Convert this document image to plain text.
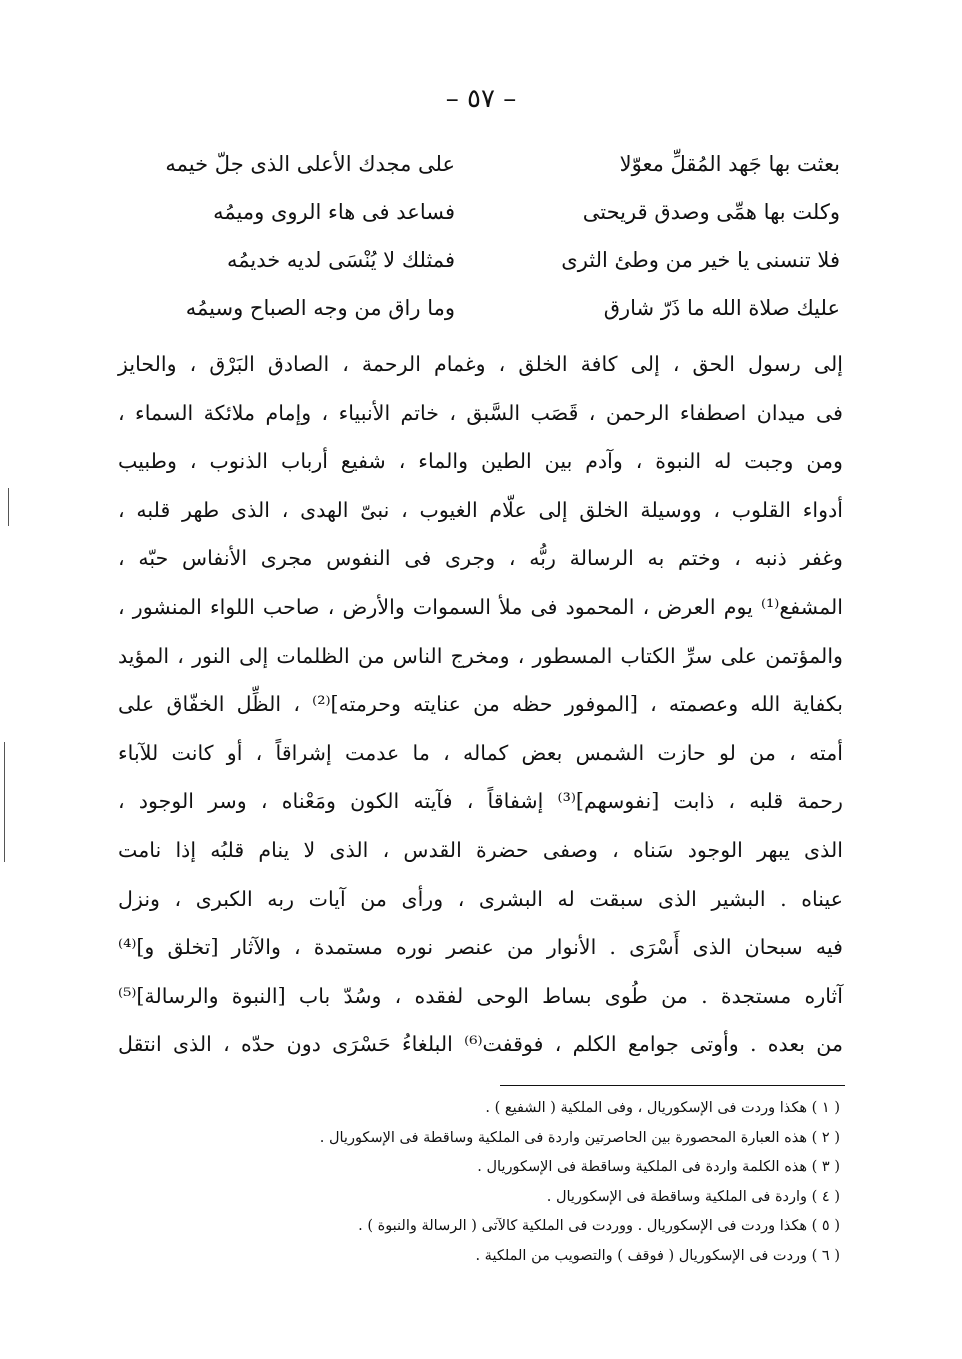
– ٥٧ –
بعثت بها جَهد المُقلِّ معوّلا
على مجدك الأعلى الذى جلّ خيمه
وكلت بها همِّى وصدق قريحتى
فساعد فى هاء الروى وميمُه
فلا تنسنى يا خير من وطئ الثرى
فمثلك لا يُنْسَى لديه خديمُه
عليك صلاة الله ما ذَرّ شارق
وما راق من وجه الصباح وسيمُه
إلى رسول الحق ، إلى كافة الخلق ، وغمام الرحمة ، الصادق البَرْق ، والحايز
فى ميدان اصطفاء الرحمن ، قَصَب السَّبق ، خاتم الأنبياء ، وإمام ملائكة السماء ،
ومن وجبت له النبوة ، وآدم بين الطين والماء ، شفيع أرباب الذنوب ، وطبيب
أدواء القلوب ، ووسيلة الخلق إلى علّام الغيوب ، نبىّ الهدى ، الذى طهر قلبه ،
وغفر ذنبه ، وختم به الرسالة ربُّه ، وجرى فى النفوس مجرى الأنفاس حبّه ،
المشفع⁽¹⁾ يوم العرض ، المحمود فى ملأ السموات والأرض ، صاحب اللواء المنشور ،
والمؤتمن على سرِّ الكتاب المسطور ، ومخرج الناس من الظلمات إلى النور ، المؤيد
بكفاية الله وعصمته ، [الموفور حظه من عنايته وحرمته]⁽²⁾ ، الظِّل الخفّاق على
أمته ، من لو حازت الشمس بعض كماله ، ما عدمت إشراقاً ، أو كانت للآباء
رحمة قلبه ، ذابت [نفوسهم]⁽³⁾ إشفاقاً ، فآيته الكون ومَعْناه ، وسر الوجود ،
الذى يبهر الوجود سَناه ، وصفى حضرة القدس ، الذى لا ينام قلبُه إذا نامت
عيناه . البشير الذى سبقت له البشرى ، ورأى من آيات ربه الكبرى ، ونزل
فيه سبحان الذى أَسْرَى . الأنوار من عنصر نوره مستمدة ، والآثار [تخلق و]⁽⁴⁾
آثاره مستجدة . من طُوى بساط الوحى لفقده ، وسُدّ باب [النبوة والرسالة]⁽⁵⁾
من بعده . وأوتى جوامع الكلم ، فوقفت⁽⁶⁾ البلغاءُ حَسْرَى دون حدّه ، الذى انتقل
( ١ ) هكذا وردت فى الإسكوريال ، وفى الملكية ( الشفيع ) .
( ٢ ) هذه العبارة المحصورة بين الحاصرتين واردة فى الملكية وساقطة فى الإسكوريال .
( ٣ ) هذه الكلمة واردة فى الملكية وساقطة فى الإسكوريال .
( ٤ ) واردة فى الملكية وساقطة فى الإسكوريال .
( ٥ ) هكذا وردت فى الإسكوريال . ووردت فى الملكية كالآتى ( الرسالة والنبوة ) .
( ٦ ) وردت فى الإسكوريال ( فوقف ) والتصويب من الملكية .
